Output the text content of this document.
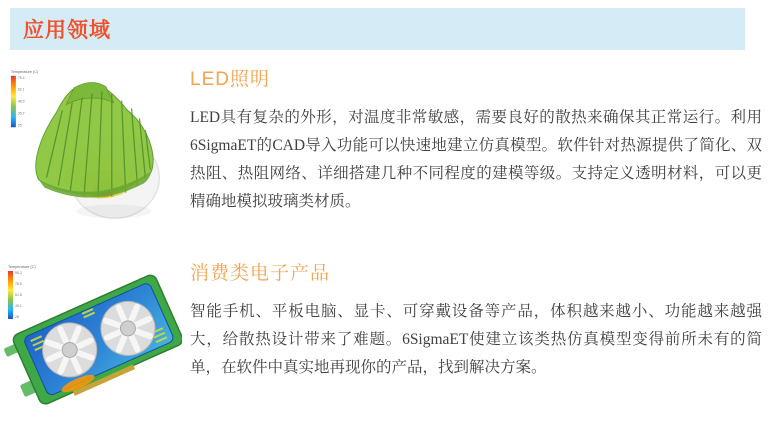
应用领域
Temperature (C)
75.4
62.1
48.9
35.7
25
LED照明
LED具有复杂的外形，对温度非常敏感，需要良好的散热来确保其正常运行。利用6SigmaET的CAD导入功能可以快速地建立仿真模型。软件针对热源提供了简化、双热阻、热阻网络、详细搭建几种不同程度的建模等级。支持定义透明材料，可以更精确地模拟玻璃类材质。
Temperature (C)
95.2
78.5
61.8
45.1
28
消费类电子产品
智能手机、平板电脑、显卡、可穿戴设备等产品，体积越来越小、功能越来越强大，给散热设计带来了难题。6SigmaET使建立该类热仿真模型变得前所未有的简单，在软件中真实地再现你的产品，找到解决方案。
